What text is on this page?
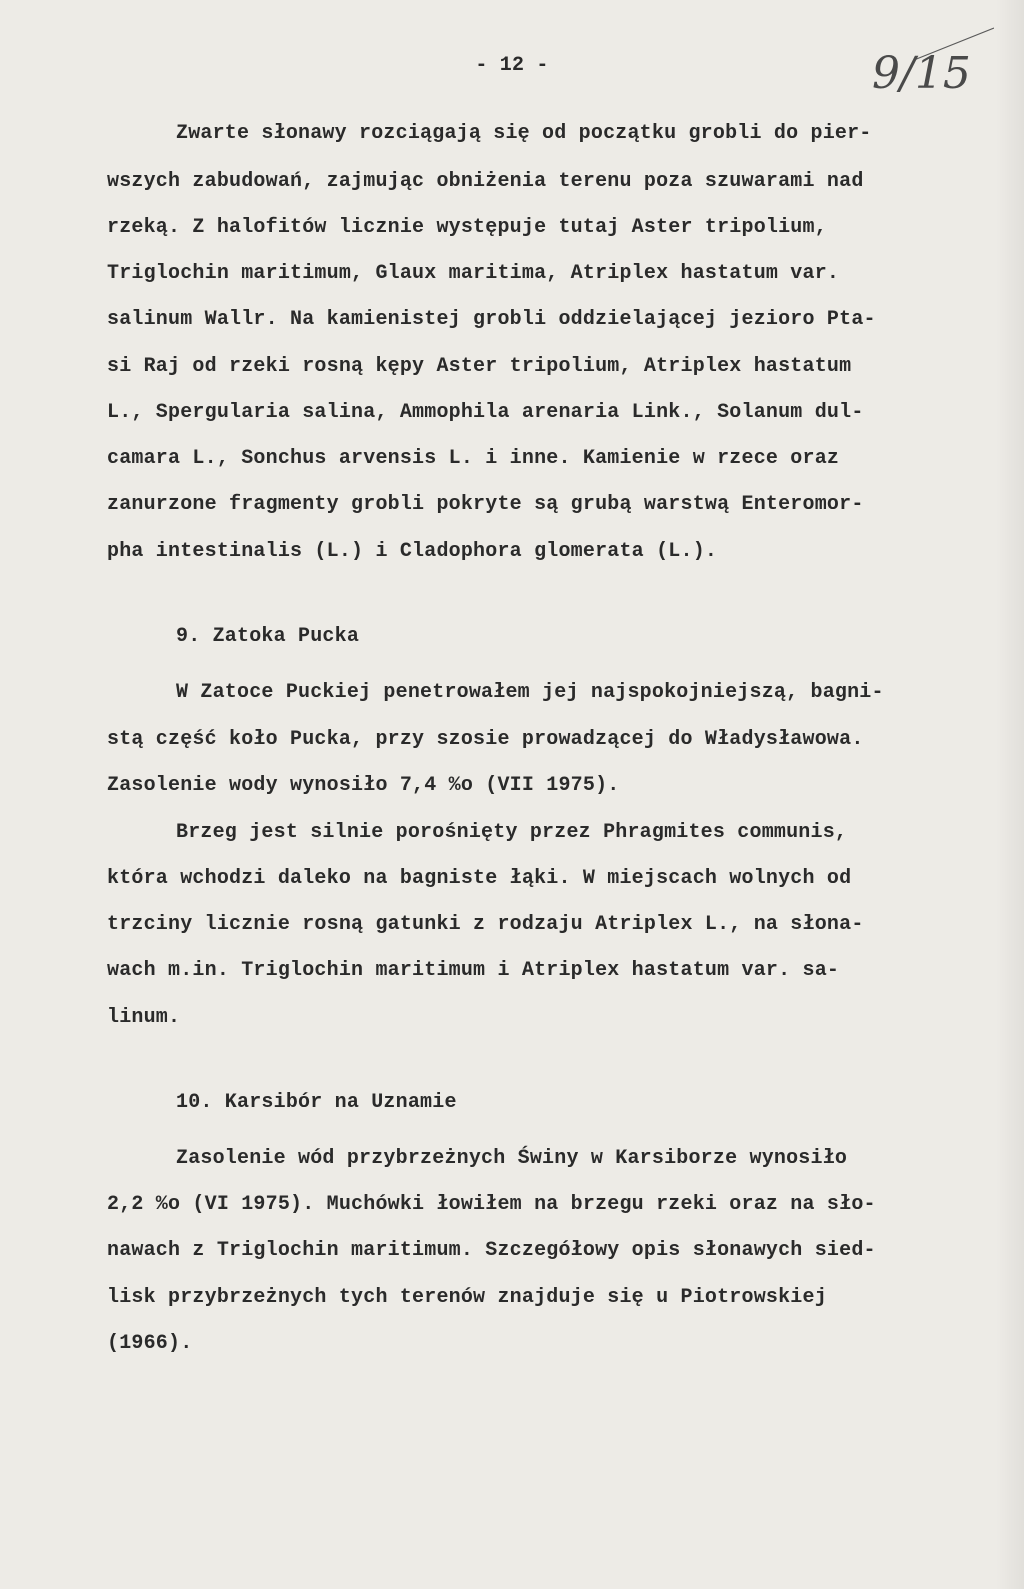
- 12 -	9/15
Zwarte słonawy rozciągają się od początku grobli do pier-
wszych zabudowań, zajmując obniżenia terenu poza szuwarami nad
rzeką. Z halofitów licznie występuje tutaj Aster tripolium,
Triglochin maritimum, Glaux maritima, Atriplex hastatum var.
salinum Wallr. Na kamienistej grobli oddzielającej jezioro Pta-
si Raj od rzeki rosną kępy Aster tripolium, Atriplex hastatum
L., Spergularia salina, Ammophila arenaria Link., Solanum dul-
camara L., Sonchus arvensis L. i inne. Kamienie w rzece oraz
zanurzone fragmenty grobli pokryte są grubą warstwą Enteromor-
pha intestinalis (L.) i Cladophora glomerata (L.).
9. Zatoka Pucka
W Zatoce Puckiej penetrowałem jej najspokojniejszą, bagni-
stą część koło Pucka, przy szosie prowadzącej do Władysławowa.
Zasolenie wody wynosiło 7,4 %o (VII 1975).
Brzeg jest silnie porośnięty przez Phragmites communis,
która wchodzi daleko na bagniste łąki. W miejscach wolnych od
trzciny licznie rosną gatunki z rodzaju Atriplex L., na słona-
wach m.in. Triglochin maritimum i Atriplex hastatum var. sa-
linum.
10. Karsibór na Uznamie
Zasolenie wód przybrzeżnych Świny w Karsiborze wynosiło
2,2 %o (VI 1975). Muchówki łowiłem na brzegu rzeki oraz na sło-
nawach z Triglochin maritimum. Szczegółowy opis słonawych sied-
lisk przybrzeżnych tych terenów znajduje się u Piotrowskiej
(1966).
